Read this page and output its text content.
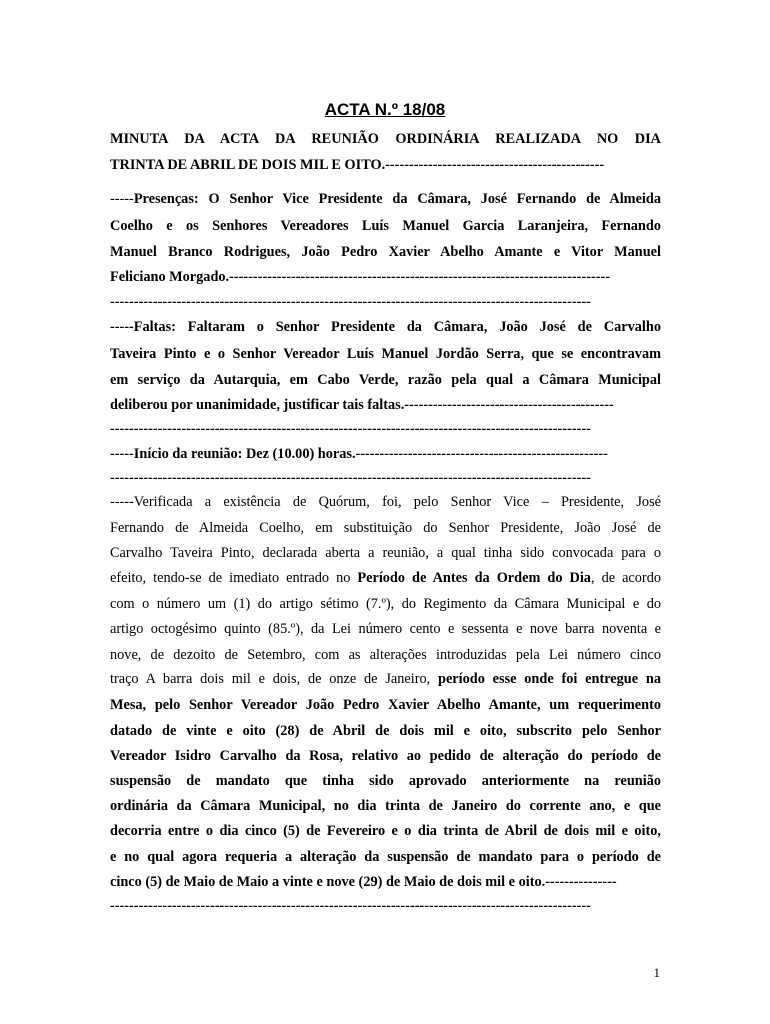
ACTA N.º 18/08
MINUTA DA ACTA DA REUNIÃO ORDINÁRIA REALIZADA NO DIA
TRINTA DE ABRIL DE DOIS MIL E OITO.----------------------------------------------
-----Presenças: O Senhor Vice Presidente da Câmara, José Fernando de Almeida
Coelho e os Senhores Vereadores Luís Manuel Garcia Laranjeira, Fernando
Manuel Branco Rodrigues, João Pedro Xavier Abelho Amante e Vitor Manuel
Feliciano Morgado.--------------------------------------------------------------------------------
-----------------------------------------------------------------------------------------------------
-----Faltas: Faltaram o Senhor Presidente da Câmara, João José de Carvalho
Taveira Pinto e o Senhor Vereador Luís Manuel Jordão Serra, que se encontravam
em serviço da Autarquia, em Cabo Verde, razão pela qual a Câmara Municipal
deliberou por unanimidade, justificar tais faltas.--------------------------------------------
-----------------------------------------------------------------------------------------------------
-----Início da reunião: Dez (10.00) horas.-----------------------------------------------------
-----------------------------------------------------------------------------------------------------
-----Verificada a existência de Quórum, foi, pelo Senhor Vice – Presidente, José
Fernando de Almeida Coelho, em substituição do Senhor Presidente, João José de
Carvalho Taveira Pinto, declarada aberta a reunião, a qual tinha sido convocada para o
efeito, tendo-se de imediato entrado no Período de Antes da Ordem do Dia, de acordo
com o número um (1) do artigo sétimo (7.º), do Regimento da Câmara Municipal e do
artigo octogésimo quinto (85.º), da Lei número cento e sessenta e nove barra noventa e
nove, de dezoito de Setembro, com as alterações introduzidas pela Lei número cinco
traço A barra dois mil e dois, de onze de Janeiro, período esse onde foi entregue na
Mesa, pelo Senhor Vereador João Pedro Xavier Abelho Amante, um requerimento
datado de vinte e oito (28) de Abril de dois mil e oito, subscrito pelo Senhor
Vereador Isidro Carvalho da Rosa, relativo ao pedido de alteração do período de
suspensão de mandato que tinha sido aprovado anteriormente na reunião
ordinária da Câmara Municipal, no dia trinta de Janeiro do corrente ano, e que
decorria entre o dia cinco (5) de Fevereiro e o dia trinta de Abril de dois mil e oito,
e no qual agora requeria a alteração da suspensão de mandato para o período de
cinco (5) de Maio de Maio a vinte e nove (29) de Maio de dois mil e oito.---------------
-----------------------------------------------------------------------------------------------------
1
